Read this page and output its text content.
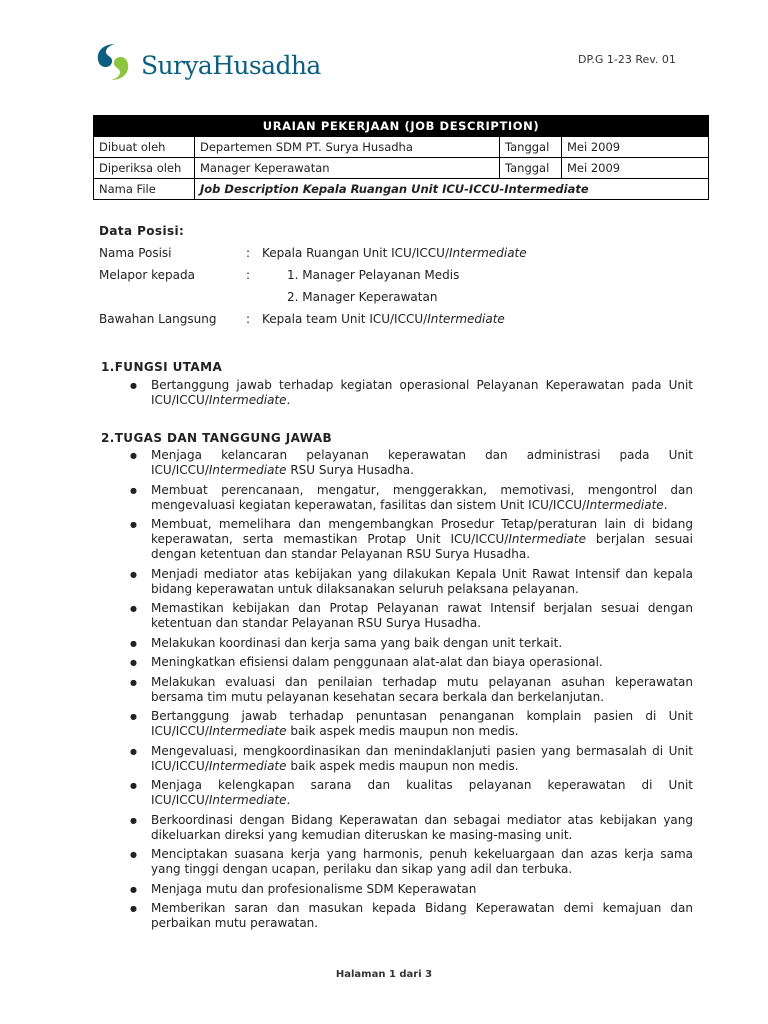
SuryaHusadha	DP.G 1-23 Rev. 01
URAIAN PEKERJAAN (JOB DESCRIPTION)			
Dibuat oleh	Departemen SDM PT. Surya Husadha	Tanggal	Mei 2009
Diperiksa oleh	Manager Keperawatan	Tanggal	Mei 2009
Nama File	Job Description Kepala Ruangan Unit ICU-ICCU-Intermediate		
Data Posisi:
Nama Posisi	: Kepala Ruangan Unit ICU/ICCU/Intermediate
Melapor kepada	:	1. Manager Pelayanan Medis
2. Manager Keperawatan
Bawahan Langsung : Kepala team Unit ICU/ICCU/Intermediate
1.FUNGSI UTAMA
● Bertanggung jawab terhadap kegiatan operasional Pelayanan Keperawatan pada Unit ICU/ICCU/Intermediate.
2.TUGAS DAN TANGGUNG JAWAB
● Menjaga kelancaran pelayanan keperawatan dan administrasi pada Unit ICU/ICCU/Intermediate RSU Surya Husadha.
● Membuat perencanaan, mengatur, menggerakkan, memotivasi, mengontrol dan mengevaluasi kegiatan keperawatan, fasilitas dan sistem Unit ICU/ICCU/Intermediate.
● Membuat, memelihara dan mengembangkan Prosedur Tetap/peraturan lain di bidang keperawatan, serta memastikan Protap Unit ICU/ICCU/Intermediate berjalan sesuai dengan ketentuan dan standar Pelayanan RSU Surya Husadha.
● Menjadi mediator atas kebijakan yang dilakukan Kepala Unit Rawat Intensif dan kepala bidang keperawatan untuk dilaksanakan seluruh pelaksana pelayanan.
● Memastikan kebijakan dan Protap Pelayanan rawat Intensif berjalan sesuai dengan ketentuan dan standar Pelayanan RSU Surya Husadha.
● Melakukan koordinasi dan kerja sama yang baik dengan unit terkait.
● Meningkatkan efisiensi dalam penggunaan alat-alat dan biaya operasional.
● Melakukan evaluasi dan penilaian terhadap mutu pelayanan asuhan keperawatan bersama tim mutu pelayanan kesehatan secara berkala dan berkelanjutan.
● Bertanggung jawab terhadap penuntasan penanganan komplain pasien di Unit ICU/ICCU/Intermediate baik aspek medis maupun non medis.
● Mengevaluasi, mengkoordinasikan dan menindaklanjuti pasien yang bermasalah di Unit ICU/ICCU/Intermediate baik aspek medis maupun non medis.
● Menjaga kelengkapan sarana dan kualitas pelayanan keperawatan di Unit ICU/ICCU/Intermediate.
● Berkoordinasi dengan Bidang Keperawatan dan sebagai mediator atas kebijakan yang dikeluarkan direksi yang kemudian diteruskan ke masing-masing unit.
● Menciptakan suasana kerja yang harmonis, penuh kekeluargaan dan azas kerja sama yang tinggi dengan ucapan, perilaku dan sikap yang adil dan terbuka.
● Menjaga mutu dan profesionalisme SDM Keperawatan
● Memberikan saran dan masukan kepada Bidang Keperawatan demi kemajuan dan perbaikan mutu perawatan.
Halaman 1 dari 3
